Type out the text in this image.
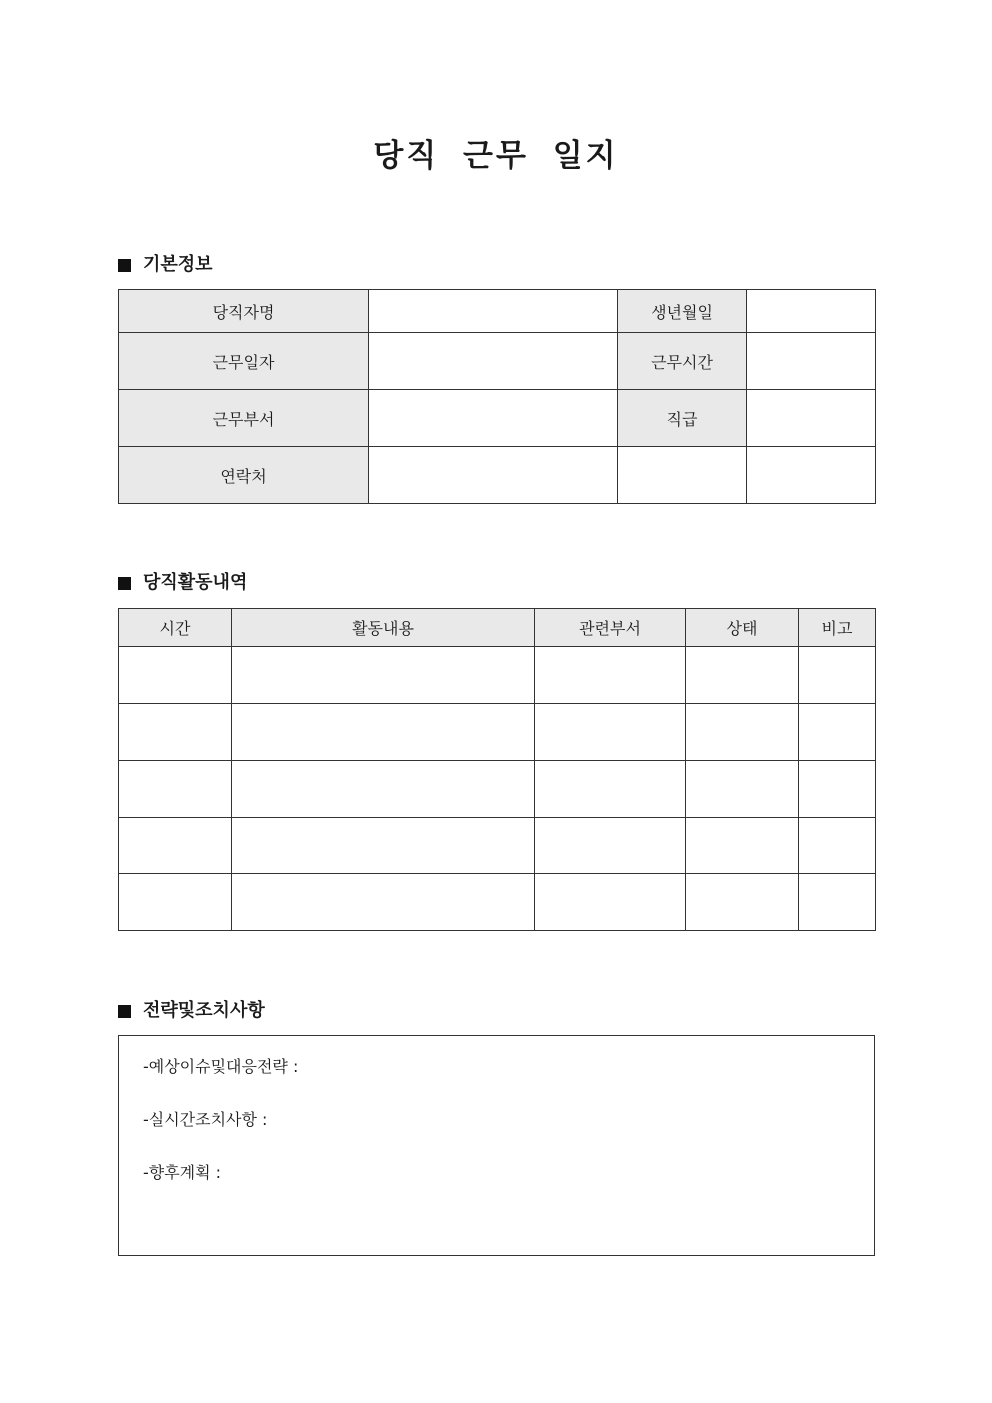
당직 근무 일지
기본정보
당직자명		생년월일	
근무일자		근무시간	
근무부서		직급	
연락처			
당직활동내역
시간	활동내용	관련부서	상태	비고

전략및조치사항
-예상이슈및대응전략 :
-실시간조치사항 :
-향후계획 :
